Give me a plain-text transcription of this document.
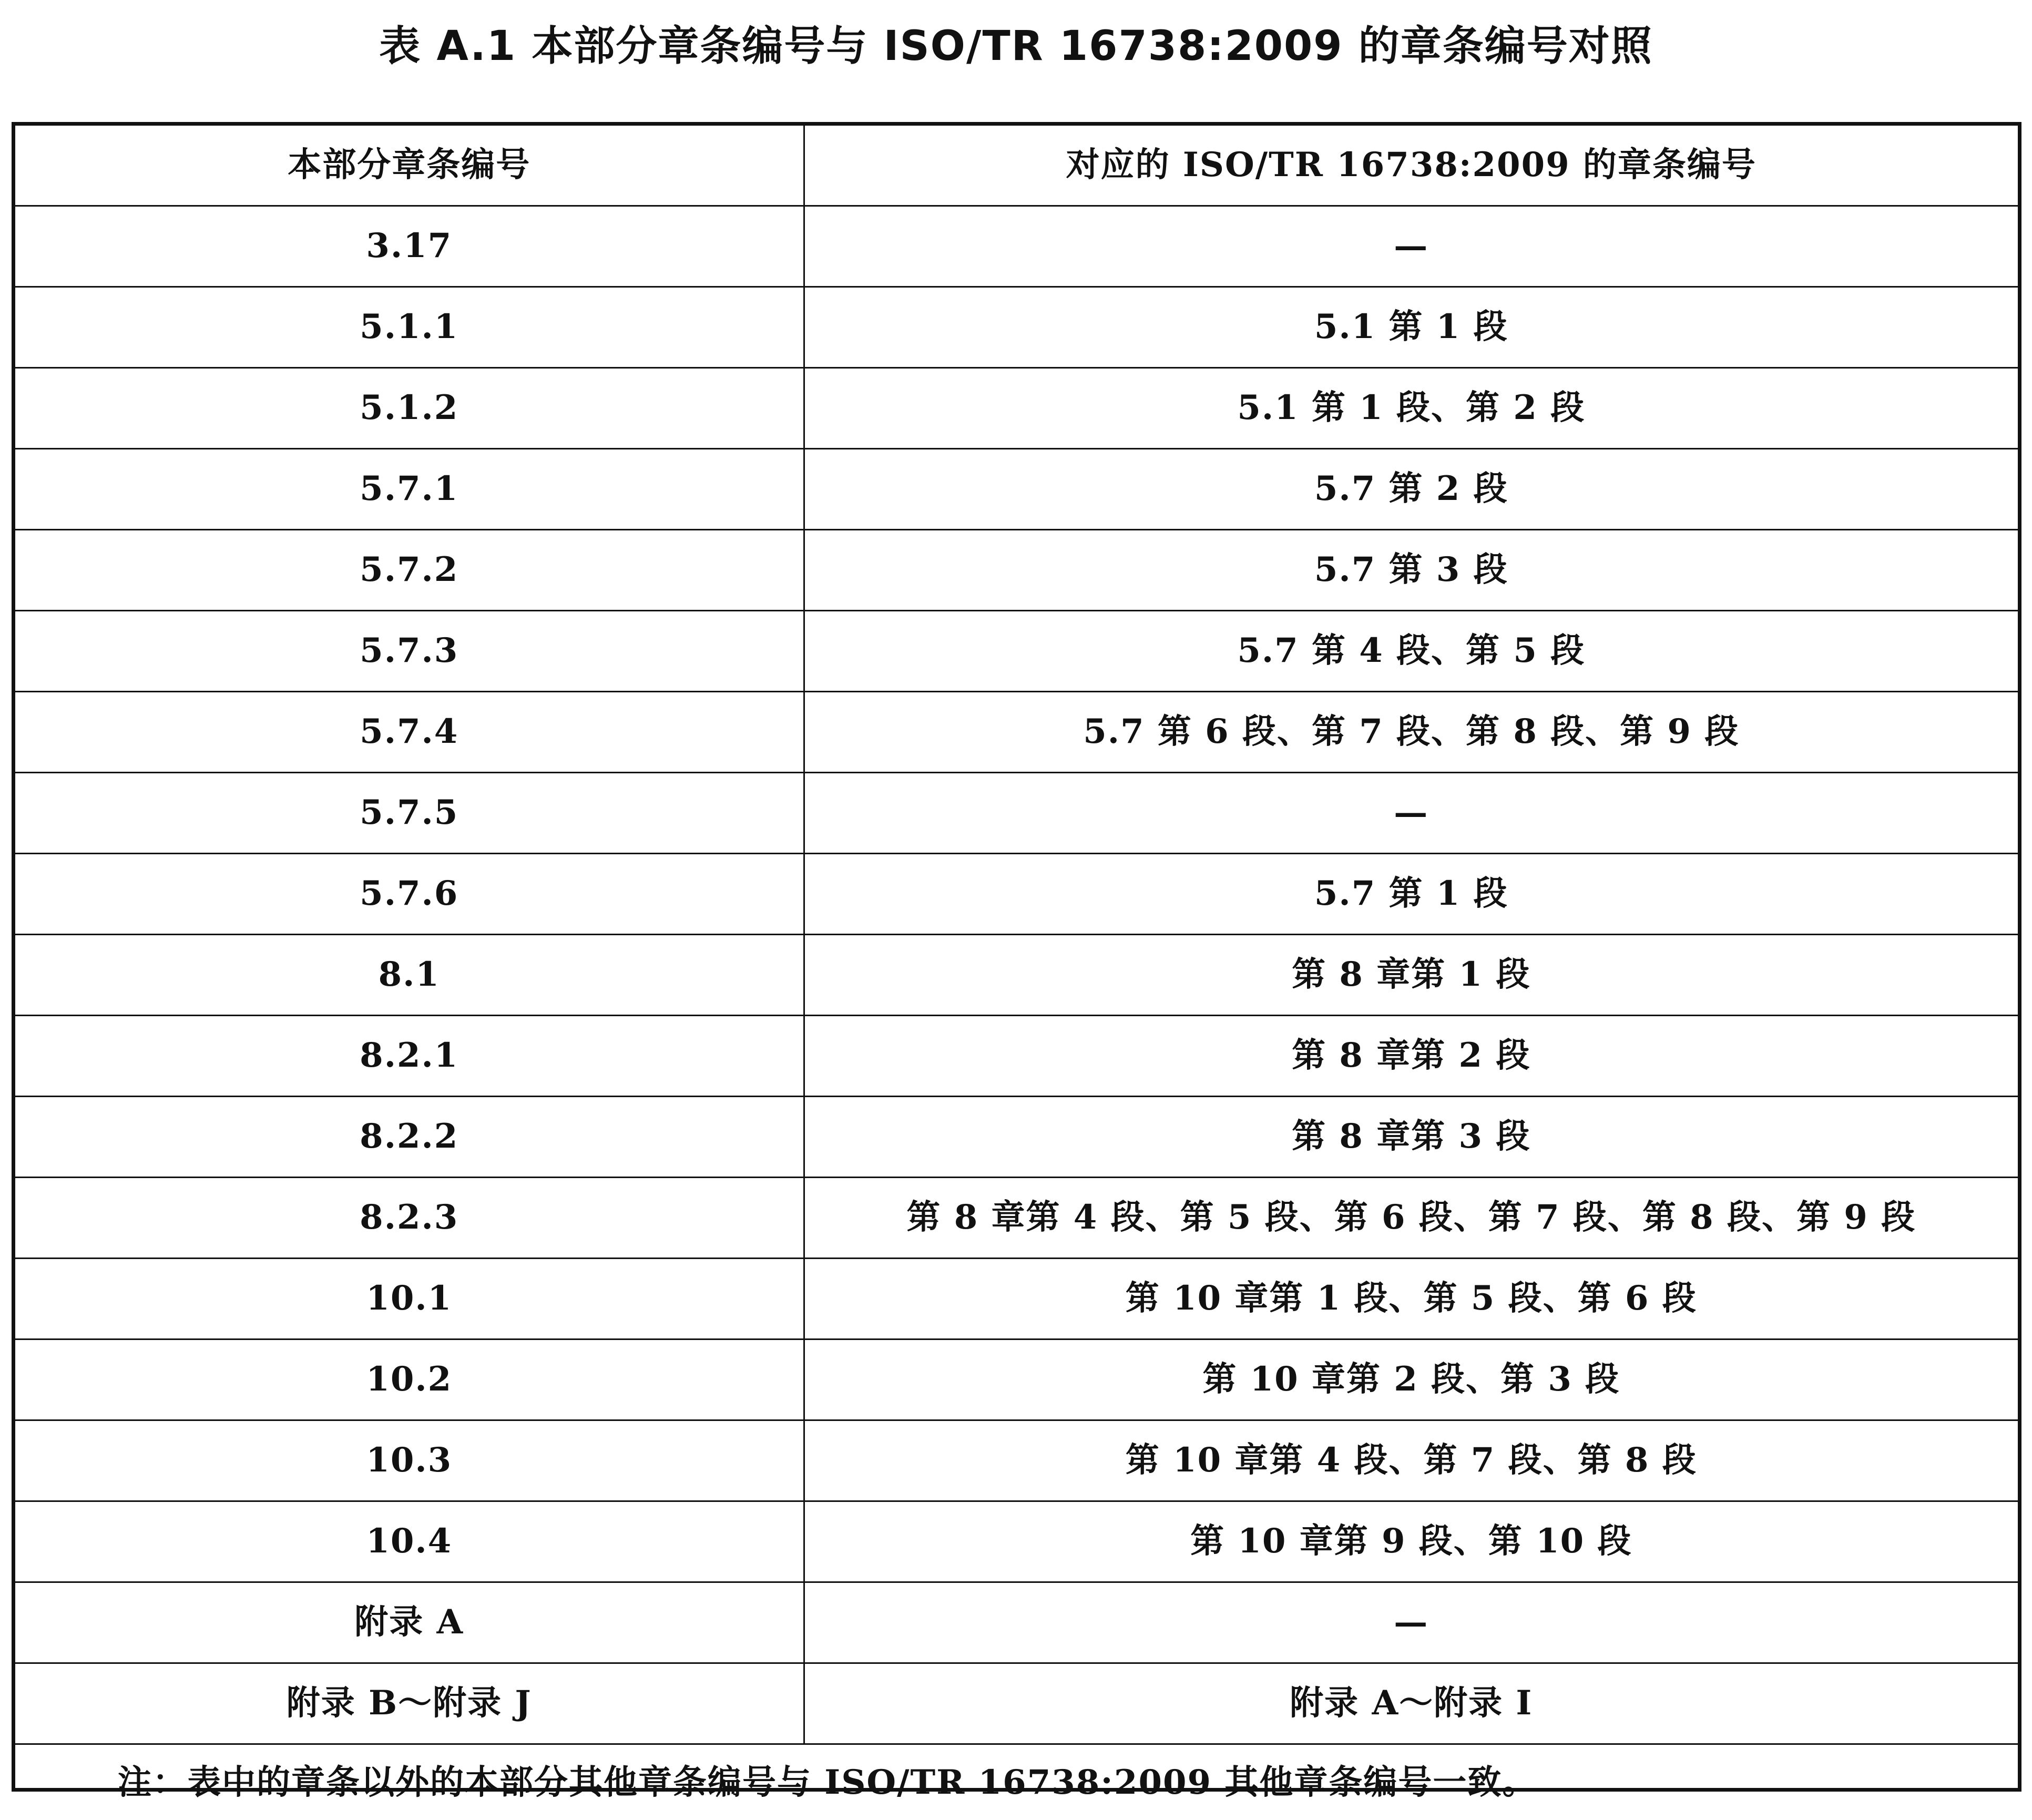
表 A.1 本部分章条编号与 ISO/TR 16738:2009 的章条编号对照
本部分章条编号	对应的 ISO/TR 16738:2009 的章条编号
3.17	—
5.1.1	5.1 第 1 段
5.1.2	5.1 第 1 段、第 2 段
5.7.1	5.7 第 2 段
5.7.2	5.7 第 3 段
5.7.3	5.7 第 4 段、第 5 段
5.7.4	5.7 第 6 段、第 7 段、第 8 段、第 9 段
5.7.5	—
5.7.6	5.7 第 1 段
8.1	第 8 章第 1 段
8.2.1	第 8 章第 2 段
8.2.2	第 8 章第 3 段
8.2.3	第 8 章第 4 段、第 5 段、第 6 段、第 7 段、第 8 段、第 9 段
10.1	第 10 章第 1 段、第 5 段、第 6 段
10.2	第 10 章第 2 段、第 3 段
10.3	第 10 章第 4 段、第 7 段、第 8 段
10.4	第 10 章第 9 段、第 10 段
附录 A	—
附录 B～附录 J	附录 A～附录 I
注：表中的章条以外的本部分其他章条编号与 ISO/TR 16738:2009 其他章条编号一致。
